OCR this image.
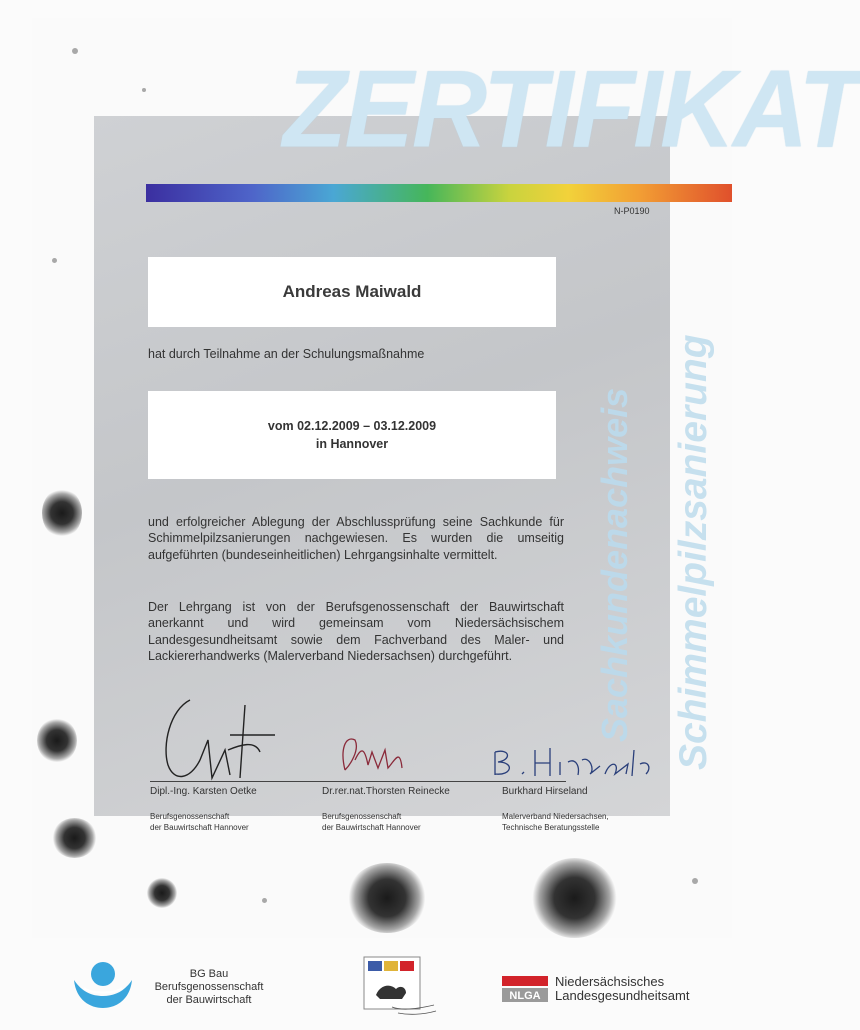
ZERTIFIKAT
N-P0190
Sachkundenachweis Schimmelpilzsanierung
Andreas Maiwald
hat durch Teilnahme an der Schulungsmaßnahme
vom 02.12.2009 – 03.12.2009
in Hannover
und erfolgreicher Ablegung der Abschlussprüfung seine Sachkunde für Schimmelpilzsanierungen nachgewiesen. Es wurden die umseitig aufgeführten (bundeseinheitlichen) Lehrgangsinhalte vermittelt.
Der Lehrgang ist von der Berufsgenossenschaft der Bauwirtschaft anerkannt und wird gemeinsam vom Niedersächsischem Landesgesundheitsamt sowie dem Fachverband des Maler- und Lackiererhandwerks (Malerverband Niedersachsen) durchgeführt.
Dipl.-Ing. Karsten Oetke	Dr.rer.nat.Thorsten Reinecke	Burkhard Hirseland
Berufsgenossenschaft
der Bauwirtschaft Hannover
Berufsgenossenschaft
der Bauwirtschaft Hannover
Malerverband Niedersachsen,
Technische Beratungsstelle
BG Bau
Berufsgenossenschaft
der Bauwirtschaft	NLGA
Niedersächsisches
Landesgesundheitsamt
